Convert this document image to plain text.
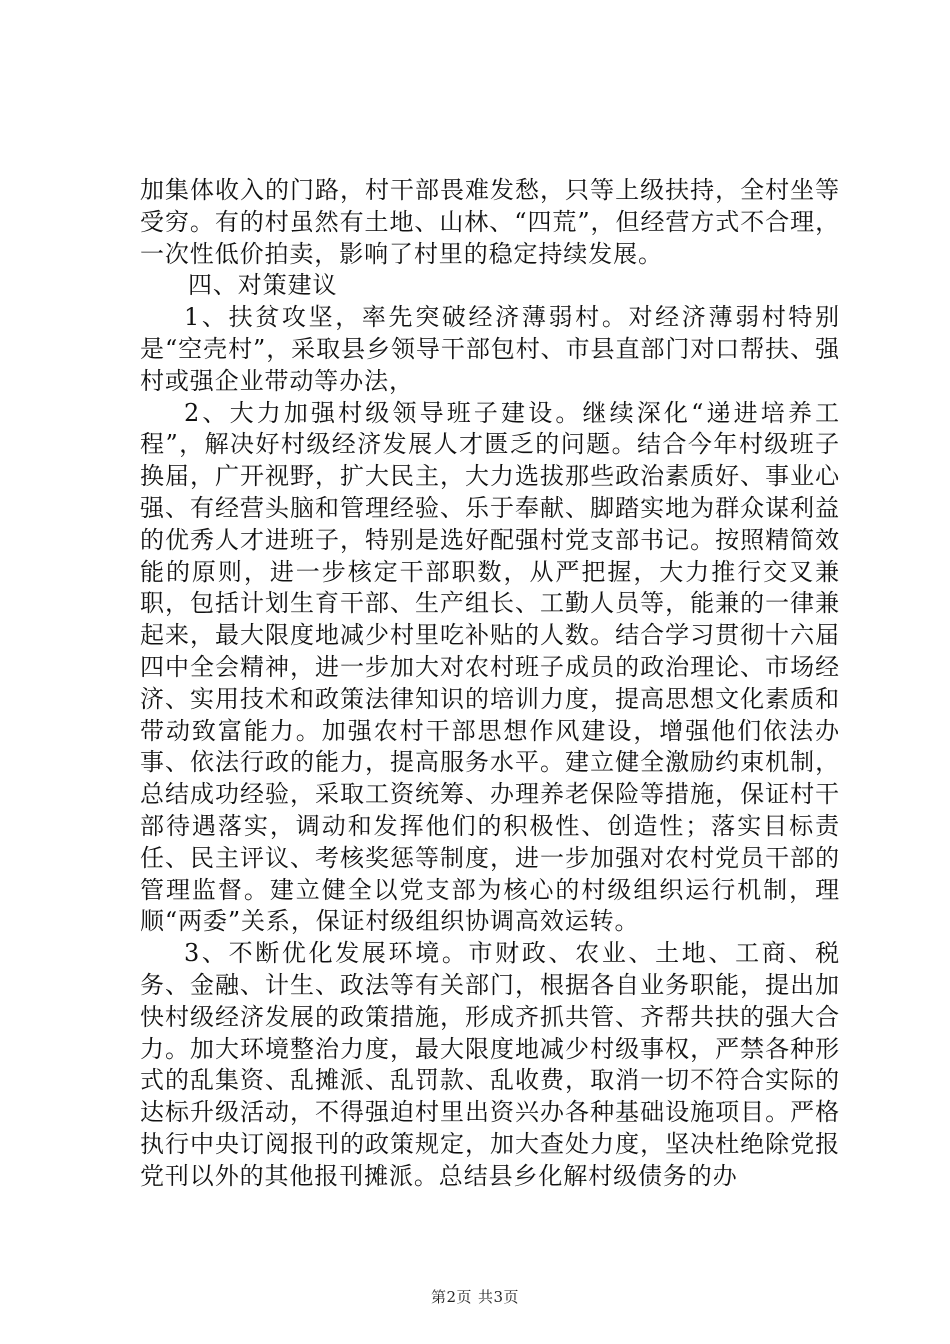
加集体收入的门路，村干部畏难发愁，只等上级扶持，全村坐等受穷。有的村虽然有土地、山林、“四荒”，但经营方式不合理，一次性低价拍卖，影响了村里的稳定持续发展。

四、对策建议

1、扶贫攻坚，率先突破经济薄弱村。对经济薄弱村特别是“空壳村”，采取县乡领导干部包村、市县直部门对口帮扶、强村或强企业带动等办法，

2、大力加强村级领导班子建设。继续深化“递进培养工程”，解决好村级经济发展人才匮乏的问题。结合今年村级班子换届，广开视野，扩大民主，大力选拔那些政治素质好、事业心强、有经营头脑和管理经验、乐于奉献、脚踏实地为群众谋利益的优秀人才进班子，特别是选好配强村党支部书记。按照精简效能的原则，进一步核定干部职数，从严把握，大力推行交叉兼职，包括计划生育干部、生产组长、工勤人员等，能兼的一律兼起来，最大限度地减少村里吃补贴的人数。结合学习贯彻十六届四中全会精神，进一步加大对农村班子成员的政治理论、市场经济、实用技术和政策法律知识的培训力度，提高思想文化素质和带动致富能力。加强农村干部思想作风建设，增强他们依法办事、依法行政的能力，提高服务水平。建立健全激励约束机制，总结成功经验，采取工资统筹、办理养老保险等措施，保证村干部待遇落实，调动和发挥他们的积极性、创造性；落实目标责任、民主评议、考核奖惩等制度，进一步加强对农村党员干部的管理监督。建立健全以党支部为核心的村级组织运行机制，理顺“两委”关系，保证村级组织协调高效运转。

3、不断优化发展环境。市财政、农业、土地、工商、税务、金融、计生、政法等有关部门，根据各自业务职能，提出加快村级经济发展的政策措施，形成齐抓共管、齐帮共扶的强大合力。加大环境整治力度，最大限度地减少村级事权，严禁各种形式的乱集资、乱摊派、乱罚款、乱收费，取消一切不符合实际的达标升级活动，不得强迫村里出资兴办各种基础设施项目。严格执行中央订阅报刊的政策规定，加大查处力度，坚决杜绝除党报党刊以外的其他报刊摊派。总结县乡化解村级债务的办

第2页 共3页
